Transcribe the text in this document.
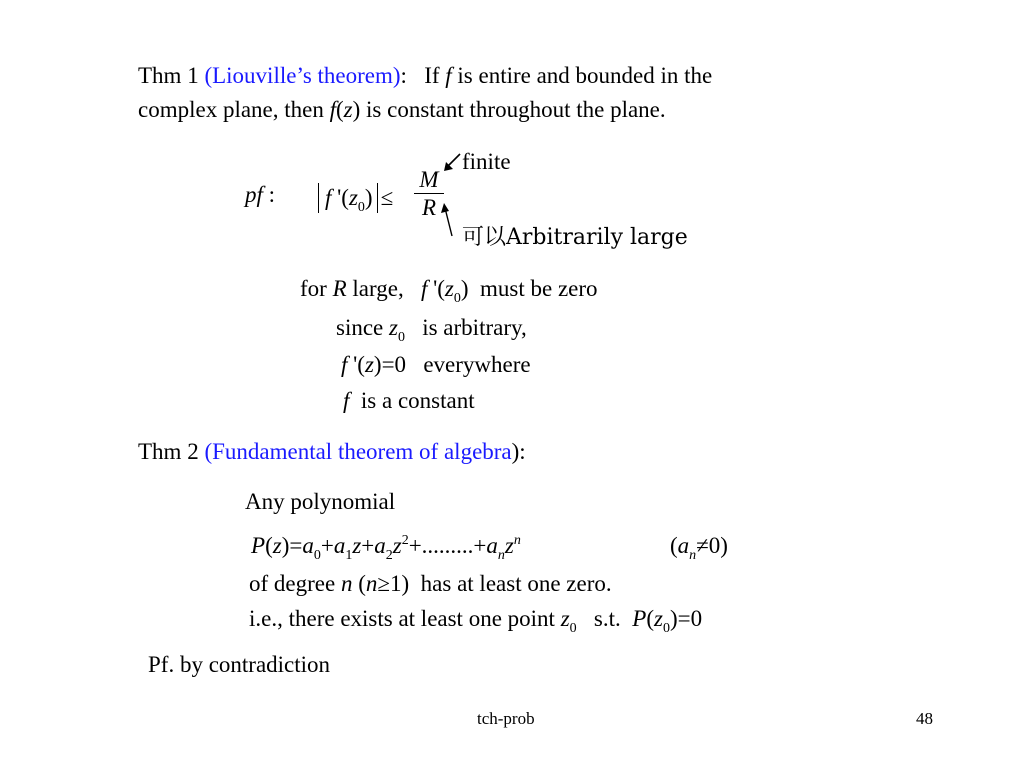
Thm 1 (Liouville’s theorem): If f is entire and bounded in the
complex plane, then f(z) is constant throughout the plane.
pf :	f '$(z_0)$ ≤
M
R
finite
可以Arbitrarily large
for R large, f '$(z_0)$ must be zero
since $z_0$ is arbitrary,
f '(z)=0 everywhere
f is a constant
Thm 2 (Fundamental theorem of algebra):
Any polynomial
$P(z)=a_0+a_1z+a_2z^2+.........+a_nz^n$	$(a_n\ne 0)$
of degree n (n≥1) has at least one zero.
i.e., there exists at least one point $z_0$ s.t. $P(z_0)=0$
Pf. by contradiction
tch-prob	48
